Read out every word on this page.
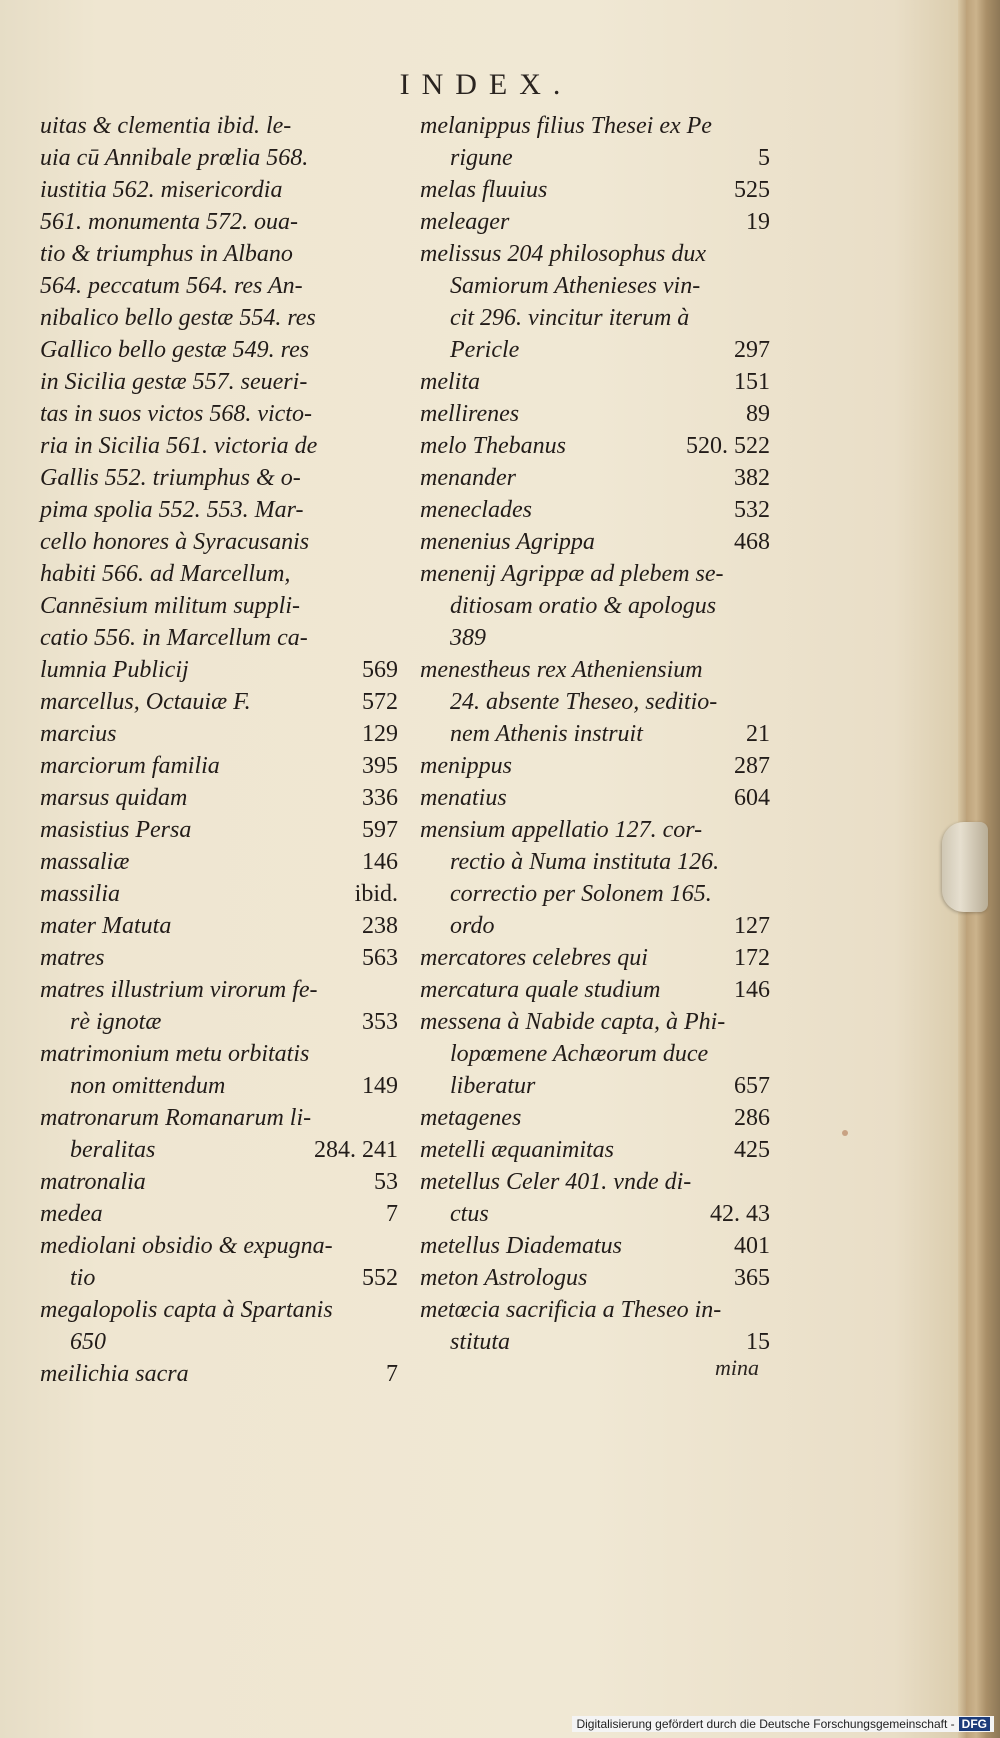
INDEX.
uitas & clementia ibid. le-
uia cū Annibale prœlia 568.
iustitia 562. misericordia
561. monumenta 572. oua-
tio & triumphus in Albano
564. peccatum 564. res An-
nibalico bello gestæ 554. res
Gallico bello gestæ 549. res
in Sicilia gestæ 557. seueri-
tas in suos victos 568. victo-
ria in Sicilia 561. victoria de
Gallis 552. triumphus & o-
pima spolia 552. 553. Mar-
cello honores à Syracusanis
habiti 566. ad Marcellum,
Cannēsium militum suppli-
catio 556. in Marcellum ca-
lumnia Publicij	569
marcellus, Octauiæ F.	572
marcius	129
marciorum familia	395
marsus quidam	336
masistius Persa	597
massaliæ	146
massilia	ibid.
mater Matuta	238
matres	563
matres illustrium virorum fe-
rè ignotæ	353
matrimonium metu orbitatis
non omittendum	149
matronarum Romanarum li-
beralitas	284. 241
matronalia	53
medea	7
mediolani obsidio & expugna-
tio	552
megalopolis capta à Spartanis
650
meilichia sacra	7
melanippus filius Thesei ex Pe
rigune	5
melas fluuius	525
meleager	19
melissus 204 philosophus dux
Samiorum Athenieses vin-
cit 296. vincitur iterum à
Pericle	297
melita	151
mellirenes	89
melo Thebanus	520. 522
menander	382
meneclades	532
menenius Agrippa	468
menenij Agrippæ ad plebem se-
ditiosam oratio & apologus
389
menestheus rex Atheniensium
24. absente Theseo, seditio-
nem Athenis instruit	21
menippus	287
menatius	604
mensium appellatio 127. cor-
rectio à Numa instituta 126.
correctio per Solonem 165.
ordo	127
mercatores celebres qui	172
mercatura quale studium	146
messena à Nabide capta, à Phi-
lopœmene Achæorum duce
liberatur	657
metagenes	286
metelli æquanimitas	425
metellus Celer 401. vnde di-
ctus	42. 43
metellus Diadematus	401
meton Astrologus	365
metœcia sacrificia a Theseo in-
stituta	15
mina
Digitalisierung gefördert durch die Deutsche Forschungsgemeinschaft - DFG
